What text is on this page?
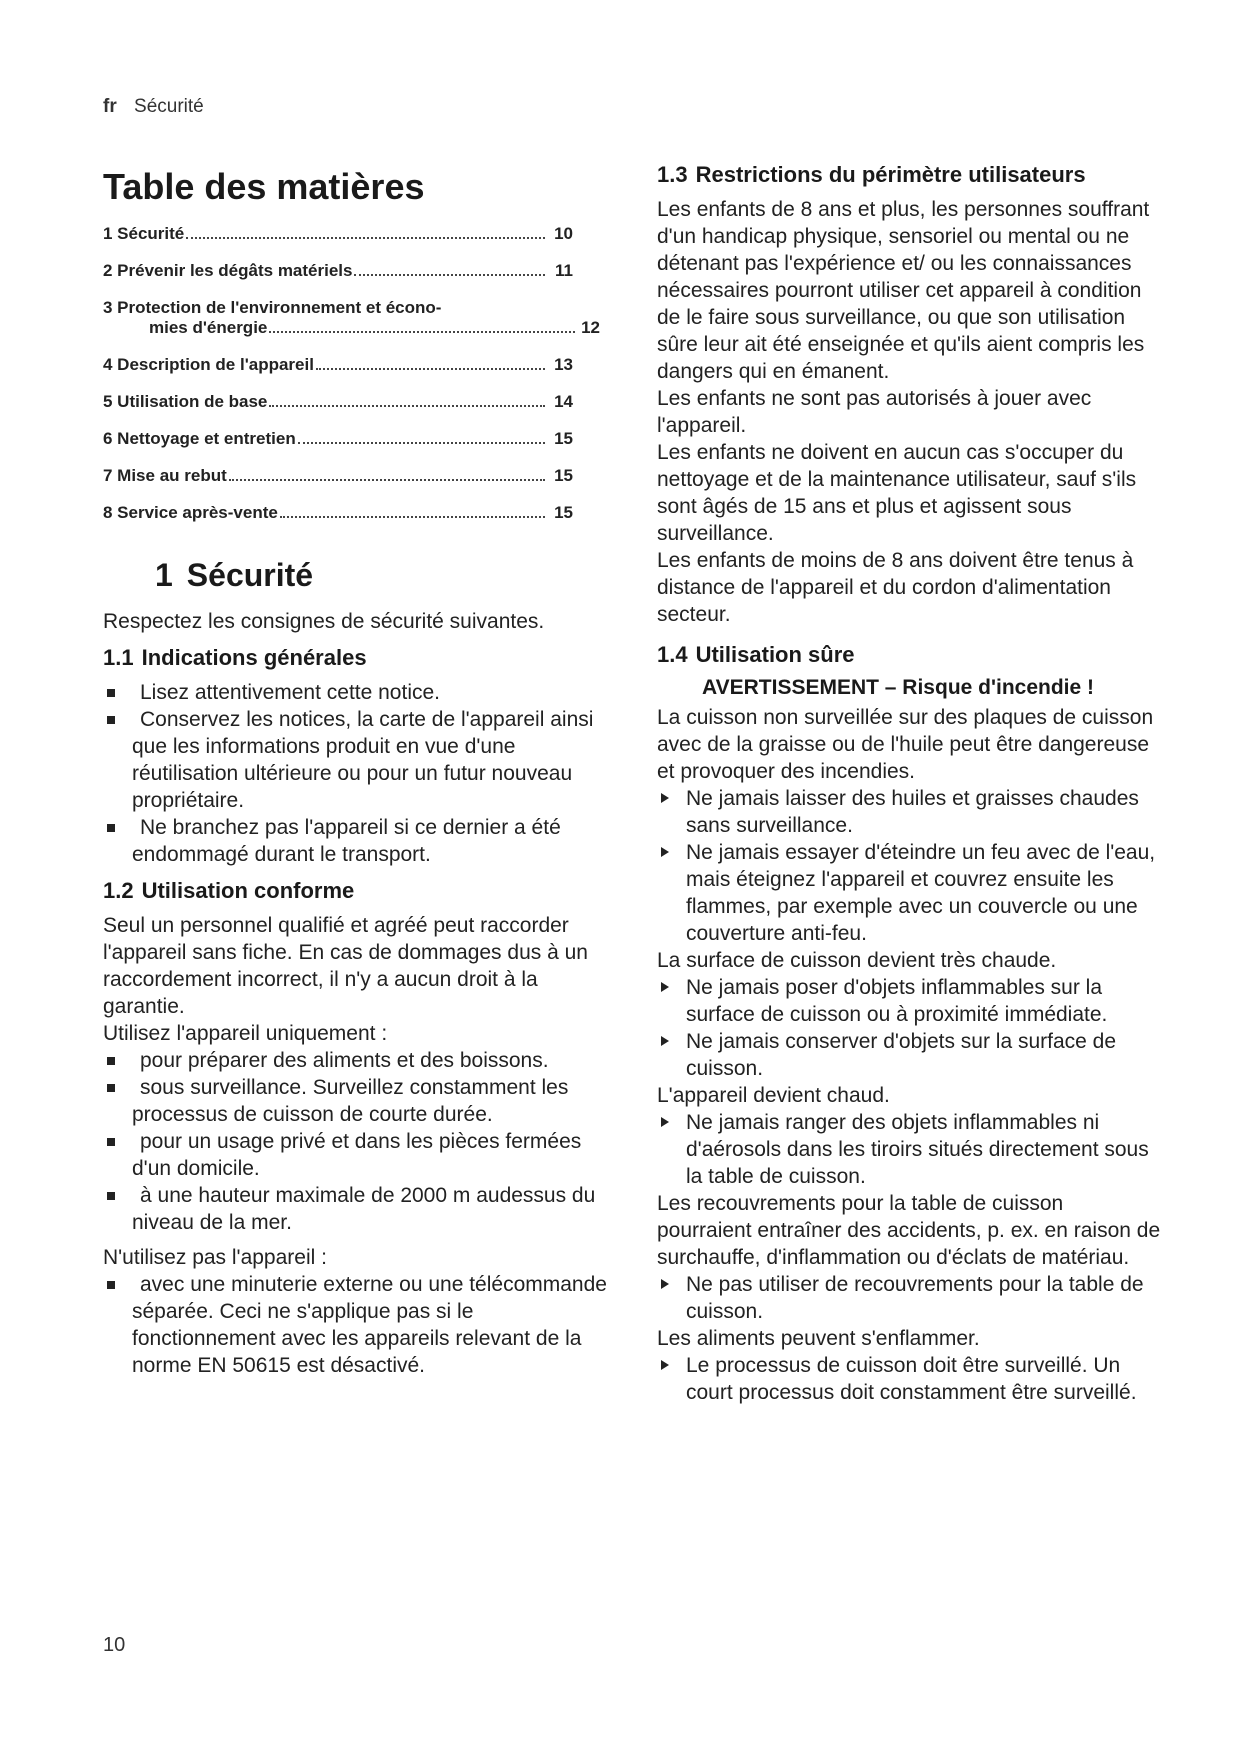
fr Sécurité
Table des matières
1 Sécurité	10
2 Prévenir les dégâts matériels	11
3 Protection de l'environnement et écono-
mies d'énergie	12
4 Description de l'appareil	13
5 Utilisation de base	14
6 Nettoyage et entretien	15
7 Mise au rebut	15
8 Service après-vente	15
1 Sécurité

Respectez les consignes de sécurité suivantes.

1.1 Indications générales
Lisez attentivement cette notice.
Conservez les notices, la carte de l'appareil ainsi que les informations produit en vue d'une réutilisation ultérieure ou pour un futur nouveau propriétaire.
Ne branchez pas l'appareil si ce dernier a été endommagé durant le transport.
1.2 Utilisation conforme

Seul un personnel qualifié et agréé peut raccorder l'appareil sans fiche. En cas de dommages dus à un raccordement incorrect, il n'y a aucun droit à la garantie.

Utilisez l'appareil uniquement :

pour préparer des aliments et des boissons.
sous surveillance. Surveillez constamment les processus de cuisson de courte durée.
pour un usage privé et dans les pièces fermées d'un domicile.
à une hauteur maximale de 2000 m audessus du niveau de la mer.

N'utilisez pas l'appareil :

avec une minuterie externe ou une télécommande séparée. Ceci ne s'applique pas si le fonctionnement avec les appareils relevant de la norme EN 50615 est désactivé.
1.3 Restrictions du périmètre utilisateurs

Les enfants de 8 ans et plus, les personnes souffrant d'un handicap physique, sensoriel ou mental ou ne détenant pas l'expérience et/ ou les connaissances nécessaires pourront utiliser cet appareil à condition de le faire sous surveillance, ou que son utilisation sûre leur ait été enseignée et qu'ils aient compris les dangers qui en émanent.

Les enfants ne sont pas autorisés à jouer avec l'appareil.

Les enfants ne doivent en aucun cas s'occuper du nettoyage et de la maintenance utilisateur, sauf s'ils sont âgés de 15 ans et plus et agissent sous surveillance.

Les enfants de moins de 8 ans doivent être tenus à distance de l'appareil et du cordon d'alimentation secteur.

1.4 Utilisation sûre
AVERTISSEMENT – Risque d'incendie !

La cuisson non surveillée sur des plaques de cuisson avec de la graisse ou de l'huile peut être dangereuse et provoquer des incendies.

Ne jamais laisser des huiles et graisses chaudes sans surveillance.
Ne jamais essayer d'éteindre un feu avec de l'eau, mais éteignez l'appareil et couvrez ensuite les flammes, par exemple avec un couvercle ou une couverture anti-feu.

La surface de cuisson devient très chaude.

Ne jamais poser d'objets inflammables sur la surface de cuisson ou à proximité immédiate.
Ne jamais conserver d'objets sur la surface de cuisson.

L'appareil devient chaud.

Ne jamais ranger des objets inflammables ni d'aérosols dans les tiroirs situés directement sous la table de cuisson.

Les recouvrements pour la table de cuisson pourraient entraîner des accidents, p. ex. en raison de surchauffe, d'inflammation ou d'éclats de matériau.

Ne pas utiliser de recouvrements pour la table de cuisson.

Les aliments peuvent s'enflammer.

Le processus de cuisson doit être surveillé. Un court processus doit constamment être surveillé.
10
